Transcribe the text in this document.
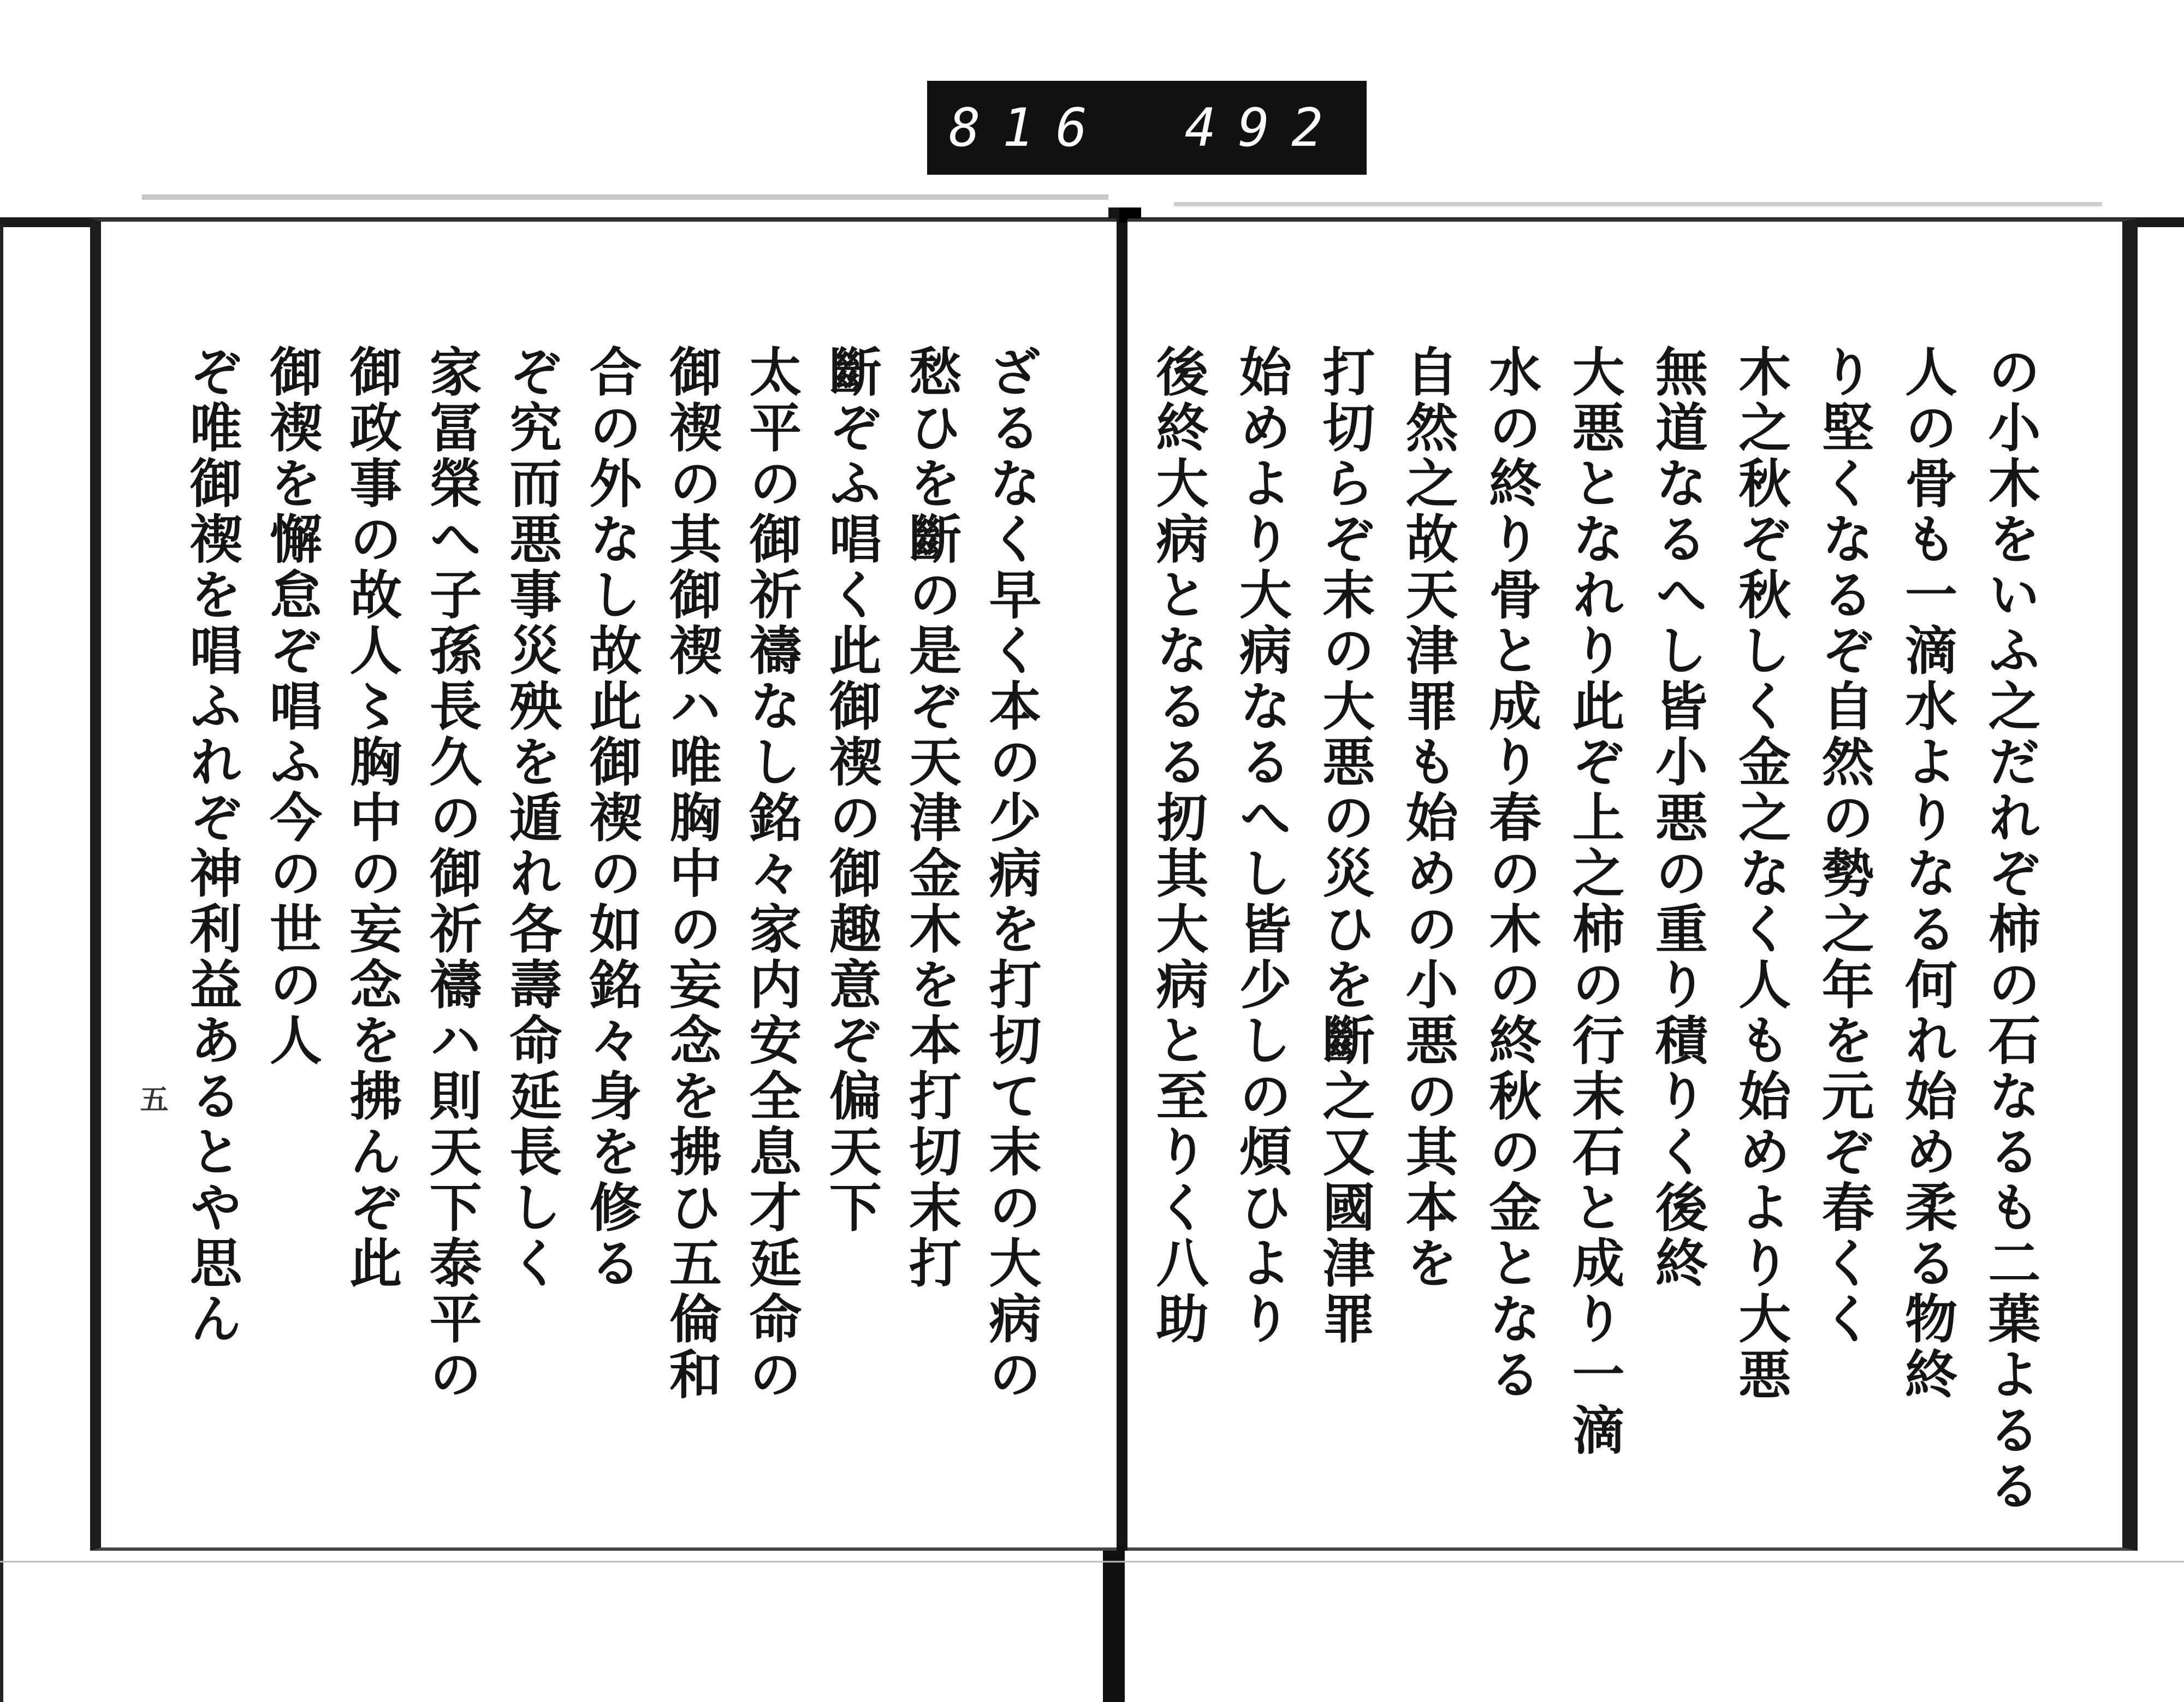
816 492
五	ざるなく早く本の少病を打切て末の大病の
愁ひを斷の是ぞ天津金木を本打切末打
斷ぞふ唱く此御禊の御趣意ぞ偏天下
太平の御祈禱なし銘々家内安全息才延命の
御禊の其御禊ハ唯胸中の妄念を拂ひ五倫和
合の外なし故此御禊の如銘々身を修る
ぞ究而悪事災殃を遁れ各壽命延長しく
家冨榮へ子孫長久の御祈禱ハ則天下泰平の
御政事の故人〻胸中の妄念を拂んぞ此
御禊を懈怠ぞ唱ふ今の世の人
ぞ唯御禊を唱ふれぞ神利益あるとや思ん	の小木をいふ之だれぞ柿の石なるも二葉よるる
人の骨も一滴水よりなる何れ始め柔る物終
り堅くなるぞ自然の勢之年を元ぞ春くく
木之秋ぞ秋しく金之なく人も始めより大悪
無道なるへし皆小悪の重り積りく後終
大悪となれり此ぞ上之柿の行末石と成り一滴
水の終り骨と成り春の木の終秋の金となる
自然之故天津罪も始めの小悪の其本を
打切らぞ末の大悪の災ひを斷之又國津罪
始めより大病なるへし皆少しの煩ひより
後終大病となるる扨其大病と至りく八助
